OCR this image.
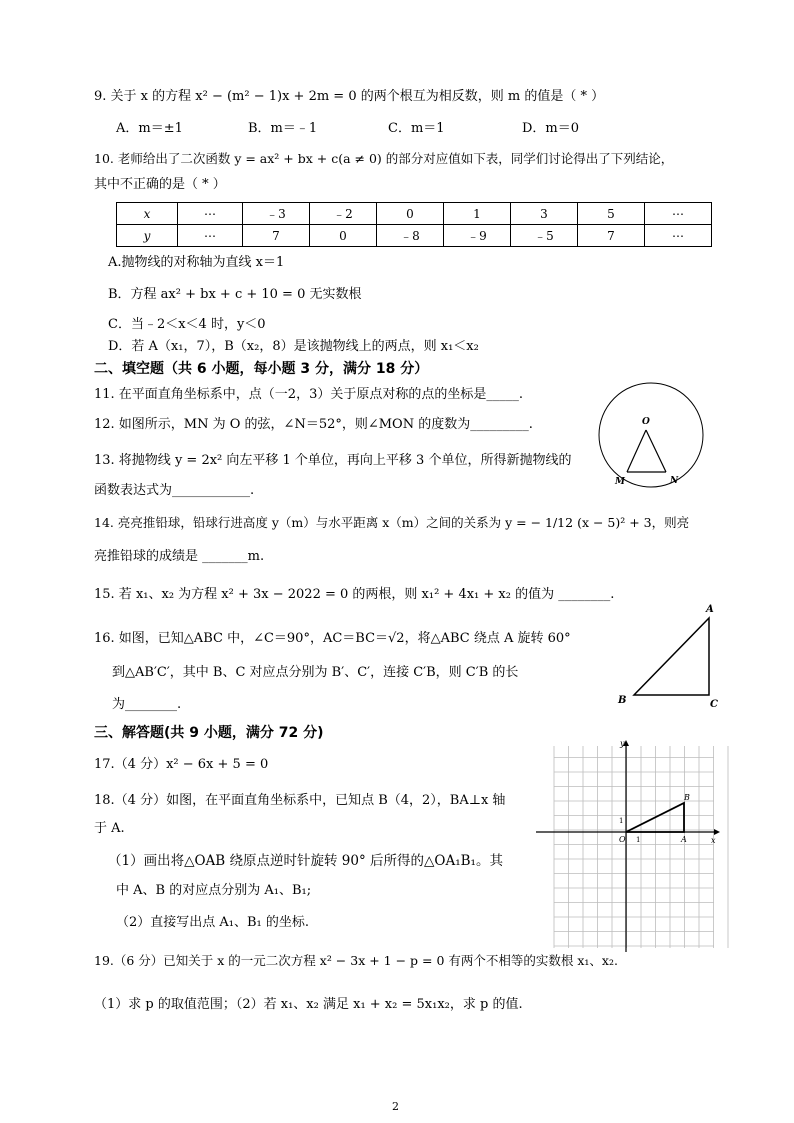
9. 关于 x 的方程 x² − (m² − 1)x + 2m = 0 的两个根互为相反数，则 m 的值是（ * ）
A．m＝±1	B．m＝﹣1	C．m＝1	D．m＝0
10. 老师给出了二次函数 y = ax² + bx + c(a ≠ 0) 的部分对应值如下表，同学们讨论得出了下列结论，
其中不正确的是（ * ）
x	⋯	﹣3	﹣2	0	1	3	5	⋯
y	⋯	7	0	﹣8	﹣9	﹣5	7	⋯
A.抛物线的对称轴为直线 x＝1
B．方程 ax² + bx + c + 10 = 0 无实数根
C．当﹣2＜x＜4 时，y＜0
D．若 A（x₁，7），B（x₂，8）是该抛物线上的两点，则 x₁＜x₂
二、填空题（共 6 小题，每小题 3 分，满分 18 分）
11. 在平面直角坐标系中，点（一2，3）关于原点对称的点的坐标是_____.
12. 如图所示，MN 为 O 的弦，∠N＝52°，则∠MON 的度数为_________.
13. 将抛物线 y = 2x² 向左平移 1 个单位，再向上平移 3 个单位，所得新抛物线的
函数表达式为____________.
14. 亮亮推铅球，铅球行进高度 y（m）与水平距离 x（m）之间的关系为 y = − 1/12 (x − 5)² + 3，则亮
亮推铅球的成绩是 _______m.
15. 若 x₁、x₂ 为方程 x² + 3x − 2022 = 0 的两根，则 x₁² + 4x₁ + x₂ 的值为 ________.
16. 如图，已知△ABC 中，∠C＝90°，AC＝BC＝√2，将△ABC 绕点 A 旋转 60°
到△AB′C′，其中 B、C 对应点分别为 B′、C′，连接 C′B，则 C′B 的长
为________.
三、解答题(共 9 小题，满分 72 分)
17.（4 分）x² − 6x + 5 = 0
18.（4 分）如图，在平面直角坐标系中，已知点 B（4，2），BA⊥x 轴
于 A.
（1）画出将△OAB 绕原点逆时针旋转 90° 后所得的△OA₁B₁。其
中 A、B 的对应点分别为 A₁、B₁;
（2）直接写出点 A₁、B₁ 的坐标.
19.（6 分）已知关于 x 的一元二次方程 x² − 3x + 1 − p = 0 有两个不相等的实数根 x₁、x₂.
（1）求 p 的取值范围；（2）若 x₁、x₂ 满足 x₁ + x₂ = 5x₁x₂，求 p 的值.
O
M	N
A
B	C
x
y
O 1
1
A
B
2
